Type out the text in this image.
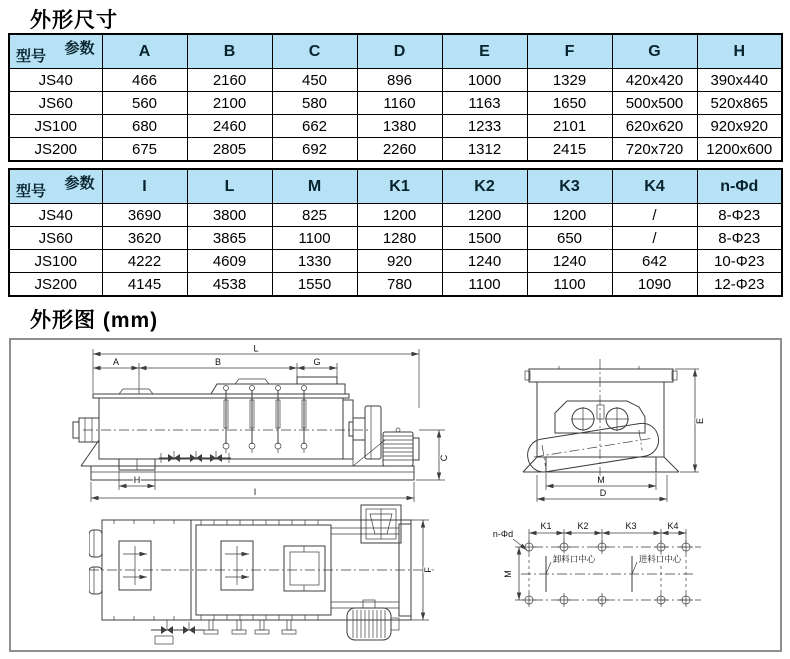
外形尺寸
参数
型号	A	B	C	D	E	F	G	H
JS40	466	2160	450	896	1000	1329	420x420	390x440
JS60	560	2100	580	1160	1163	1650	500x500	520x865
JS100	680	2460	662	1380	1233	2101	620x620	920x920
JS200	675	2805	692	2260	1312	2415	720x720	1200x600
参数
型号	I	L	M	K1	K2	K3	K4	n-Φd
JS40	3690	3800	825	1200	1200	1200	/	8-Φ23
JS60	3620	3865	1100	1280	1500	650	/	8-Φ23
JS100	4222	4609	1330	920	1240	1240	642	10-Φ23
JS200	4145	4538	1550	780	1100	1100	1090	12-Φ23
外形图 (mm)
L
A	B	G
C
H
I
E
M
D
F
K1	K2	K3	K4
n-Φd
M
卸料口中心	进料口中心
